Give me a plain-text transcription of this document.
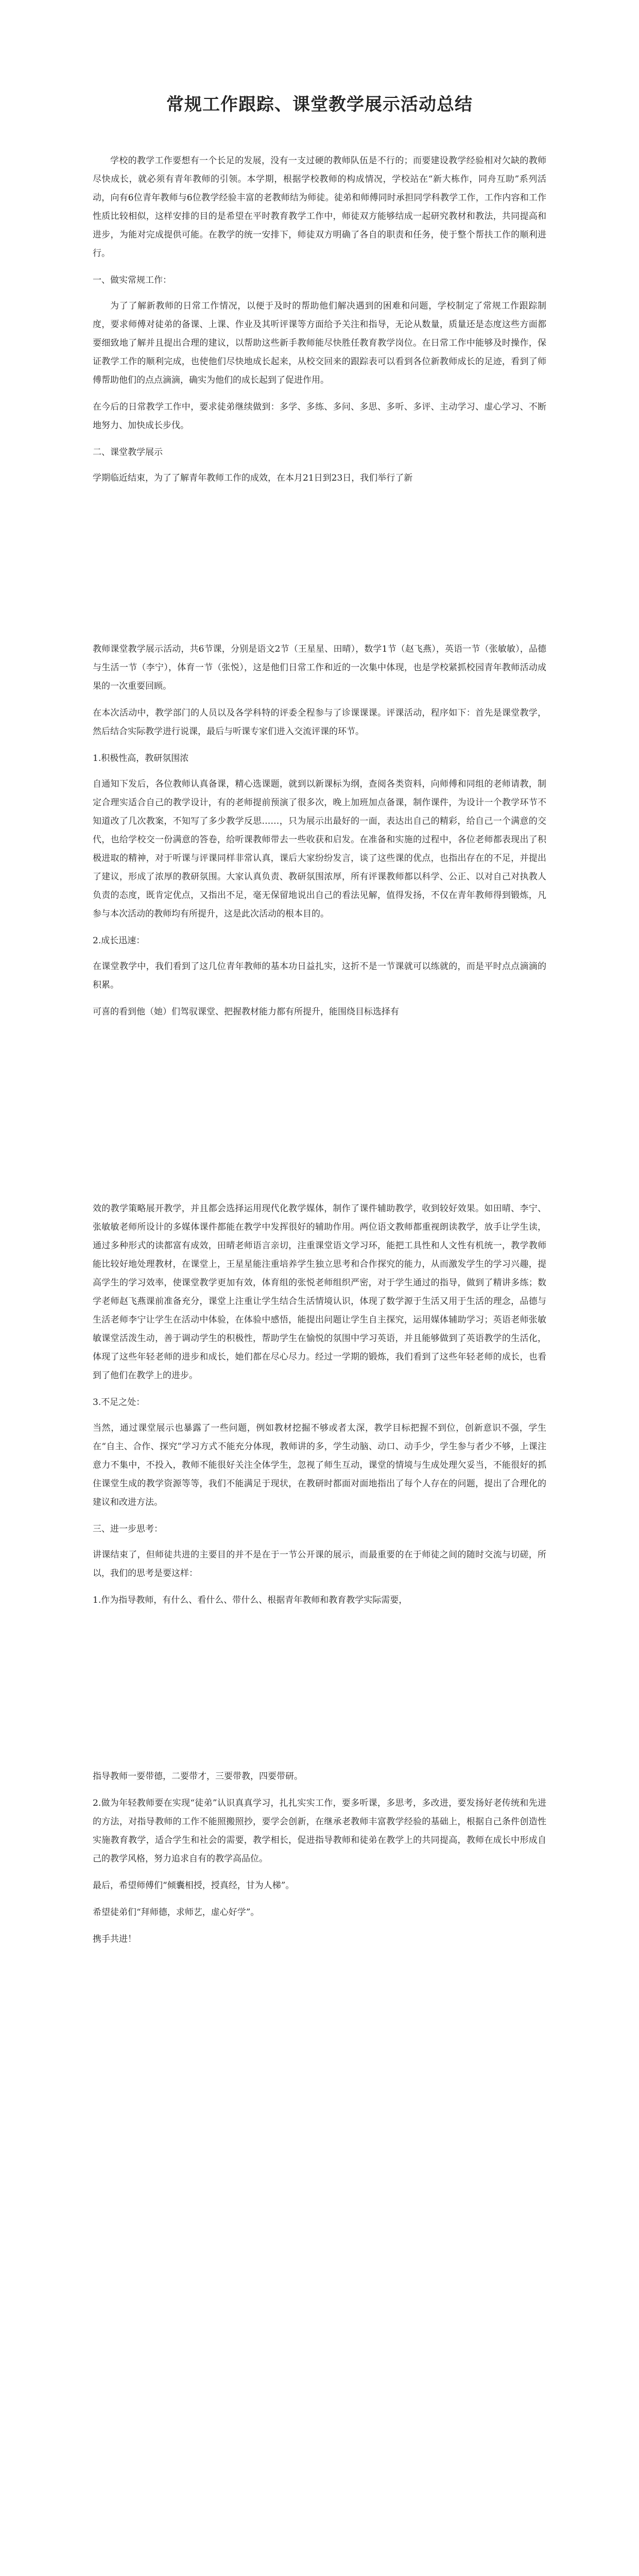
常规工作跟踪、课堂教学展示活动总结

学校的教学工作要想有一个长足的发展，没有一支过硬的教师队伍是不行的；而要建设教学经验相对欠缺的教师尽快成长，就必须有青年教师的引领。本学期，根据学校教师的构成情况，学校站在“新大栋作，同舟互助”系列活动，向有6位青年教师与6位教学经验丰富的老教师结为师徒。徒弟和师傅同时承担同学科教学工作，工作内容和工作性质比较相似，这样安排的目的是希望在平时教育教学工作中，师徒双方能够结成一起研究教材和教法，共同提高和进步，为能对完成提供可能。在教学的统一安排下，师徒双方明确了各自的职责和任务，使于整个帮扶工作的顺利进行。

一、做实常规工作：

为了了解新教师的日常工作情况，以便于及时的帮助他们解决遇到的困难和问题，学校制定了常规工作跟踪制度，要求师傅对徒弟的备课、上课、作业及其听评课等方面给予关注和指导，无论从数量，质量还是态度这些方面都要细致地了解并且提出合理的建议，以帮助这些新手教师能尽快胜任教育教学岗位。在日常工作中能够及时操作，保证教学工作的顺利完成，也使他们尽快地成长起来，从校交回来的跟踪表可以看到各位新教师成长的足迹，看到了师傅帮助他们的点点滴滴，确实为他们的成长起到了促进作用。

在今后的日常教学工作中，要求徒弟继续做到：多学、多练、多问、多思、多听、多评、主动学习、虚心学习、不断地努力、加快成长步伐。

二、课堂教学展示

学期临近结束，为了了解青年教师工作的成效，在本月21日到23日，我们举行了新

教师课堂教学展示活动，共6节课，分别是语文2节（王星星、田晴），数学1节（赵飞燕），英语一节（张敏敏），品德与生活一节（李宁），体育一节（张悦），这是他们日常工作和近的一次集中体现，也是学校紧抓校园青年教师活动成果的一次重要回顾。

在本次活动中，教学部门的人员以及各学科特的评委全程参与了诊课课课。评课活动，程序如下：首先是课堂教学，然后结合实际教学进行说课，最后与听课专家们进入交流评课的环节。

1.积极性高，教研氛围浓

自通知下发后，各位教师认真备课，精心选课题，就到以新课标为纲，查阅各类资料，向师傅和同组的老师请教，制定合理实适合自己的教学设计，有的老师提前预演了很多次，晚上加班加点备课，制作课件，为设计一个教学环节不知道改了几次教案，不知写了多少教学反思……，只为展示出最好的一面，表达出自己的精彩，给自己一个满意的交代，也给学校交一份满意的答卷，给听课教师带去一些收获和启发。在准备和实施的过程中，各位老师都表现出了积极进取的精神，对于听课与评课同样非常认真，课后大家纷纷发言，谈了这些课的优点，也指出存在的不足，并提出了建议，形成了浓厚的教研氛围。大家认真负责、教研氛围浓厚，所有评课教师都以科学、公正、以对自己对执教人负责的态度，既肯定优点，又指出不足，毫无保留地说出自己的看法见解，值得发扬，不仅在青年教师得到锻炼，凡参与本次活动的教师均有所提升，这是此次活动的根本目的。

2.成长迅速：

在课堂教学中，我们看到了这几位青年教师的基本功日益扎实，这折不是一节课就可以练就的，而是平时点点滴滴的积累。

可喜的看到他（她）们驾驭课堂、把握教材能力都有所提升，能围绕目标选择有

效的教学策略展开教学，并且都会选择运用现代化教学媒体，制作了课件辅助教学，收到较好效果。如田晴、李宁、张敏敏老师所设计的多媒体课件都能在教学中发挥很好的辅助作用。两位语文教师都重视朗读教学，放手让学生读，通过多种形式的读都富有成效，田晴老师语言亲切，注重课堂语文学习环，能把工具性和人文性有机统一，教学教师能比较好地处理教材，在课堂上，王星星能注重培养学生独立思考和合作探究的能力，从而激发学生的学习兴趣，提高学生的学习效率，使课堂教学更加有效，体育组的张悦老师组织严密，对于学生通过的指导，做到了精讲多练；数学老师赵飞燕课前准备充分，课堂上注重让学生结合生活情境认识，体现了数学源于生活又用于生活的理念，品德与生活老师李宁让学生在活动中体验，在体验中感悟，能提出问题让学生自主探究，运用媒体辅助学习；英语老师张敏敏课堂活泼生动，善于调动学生的积极性，帮助学生在愉悦的氛围中学习英语，并且能够做到了英语教学的生活化，体现了这些年轻老师的进步和成长，她们都在尽心尽力。经过一学期的锻炼，我们看到了这些年轻老师的成长，也看到了他们在教学上的进步。

3.不足之处：

当然，通过课堂展示也暴露了一些问题，例如教材挖掘不够或者太深，教学目标把握不到位，创新意识不强，学生在“自主、合作、探究”学习方式不能充分体现，教师讲的多，学生动脑、动口、动手少，学生参与者少不够，上课注意力不集中，不投入，教师不能很好关注全体学生，忽视了师生互动，课堂的情境与生成处理欠妥当，不能很好的抓住课堂生成的教学资源等等，我们不能满足于现状，在教研时都面对面地指出了每个人存在的问题，提出了合理化的建议和改进方法。

三、进一步思考：

讲课结束了，但师徒共进的主要目的并不是在于一节公开课的展示，而最重要的在于师徒之间的随时交流与切磋，所以，我们的思考是要这样：

1.作为指导教师，有什么、看什么、带什么、根据青年教师和教育教学实际需要，

指导教师一要带德，二要带才，三要带教，四要带研。

2.做为年轻教师要在实现“徒弟”认识真真学习，扎扎实实工作，要多听课，多思考，多改进，要发扬好老传统和先进的方法，对指导教师的工作不能照搬照抄，要学会创新，在继承老教师丰富教学经验的基础上，根据自己条件创造性实施教育教学，适合学生和社会的需要，教学相长，促进指导教师和徒弟在教学上的共同提高，教师在成长中形成自己的教学风格，努力追求自有的教学高品位。

最后，希望师傅们“倾囊相授，授真经，甘为人梯”。

希望徒弟们“拜师德，求师艺，虚心好学”。

携手共进！
